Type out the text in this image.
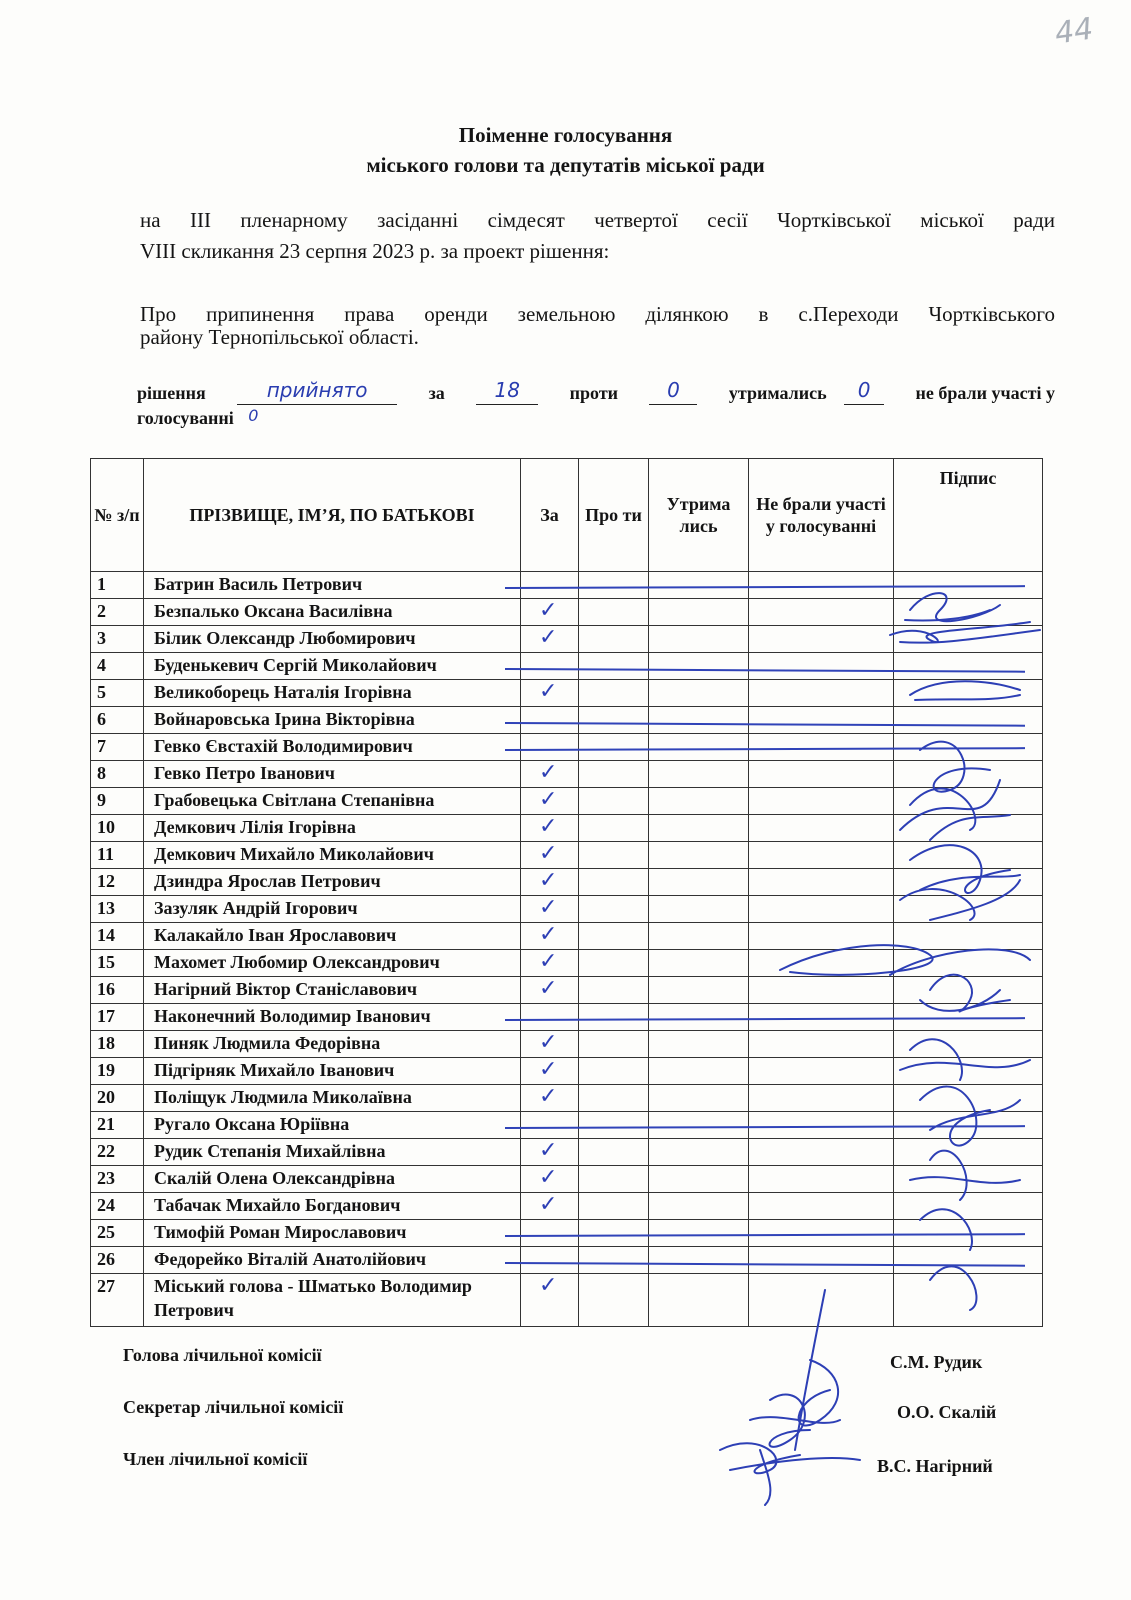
44
Поіменне голосування
міського голови та депутатів міської ради
на ІІІ пленарному засіданні сімдесят четвертої сесії Чортківської міської ради
VIІI скликання 23 серпня 2023 р. за проект рішення:
Про припинення права оренди земельною ділянкою в с.Переходи Чортківського
району Тернопільської області.
рішення	прийнято	за	18	проти	0	утримались	0	не брали участі у
голосуванні 0
№ з/п	ПРІЗВИЩЕ, ІМ’Я, ПО БАТЬКОВІ	За	Про ти	Утрима лись	Не брали участі у голосуванні	Підпис
1	Батрин Василь Петрович					
2	Безпалько Оксана Василівна	✓				
3	Білик Олександр Любомирович	✓				
4	Буденькевич Сергій Миколайович					
5	Великоборець Наталія Ігорівна	✓				
6	Войнаровська Ірина Вікторівна					
7	Гевко Євстахій Володимирович					
8	Гевко Петро Іванович	✓				
9	Грабовецька Світлана Степанівна	✓				
10	Демкович Лілія Ігорівна	✓				
11	Демкович Михайло Миколайович	✓				
12	Дзиндра Ярослав Петрович	✓				
13	Зазуляк Андрій Ігорович	✓				
14	Калакайло Іван Ярославович	✓				
15	Махомет Любомир Олександрович	✓				
16	Нагірний Віктор Станіславович	✓				
17	Наконечний Володимир Іванович					
18	Пиняк Людмила Федорівна	✓				
19	Підгірняк Михайло Іванович	✓				
20	Поліщук Людмила Миколаївна	✓				
21	Ругало Оксана Юріївна					
22	Рудик Степанія Михайлівна	✓				
23	Скалій Олена Олександрівна	✓				
24	Табачак Михайло Богданович	✓				
25	Тимофій Роман Мирославович					
26	Федорейко Віталій Анатолійович					
27	Міський голова - Шматько Володимир Петрович	✓				
Голова лічильної комісії	С.М. Рудик
Секретар лічильної комісії	О.О. Скалій
Член лічильної комісії	В.С. Нагірний
